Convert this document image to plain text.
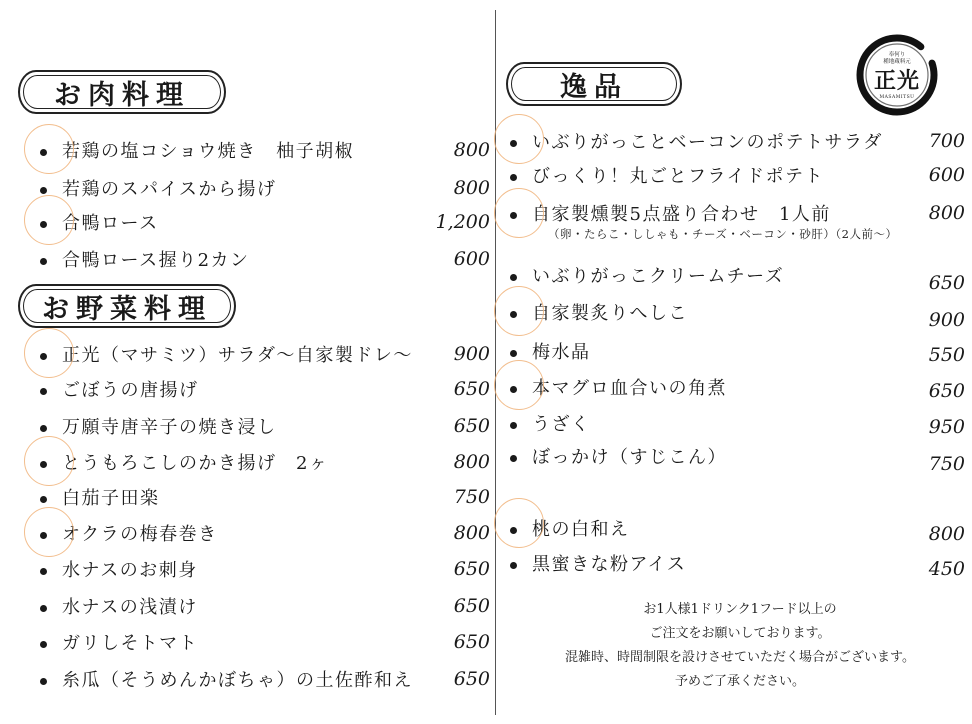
お肉料理
若鶏の塩コショウ焼き　柚子胡椒	800
若鶏のスパイスから揚げ	800
合鴨ロース	1,200
合鴨ロース握り2カン	600
お野菜料理
正光（マサミツ）サラダ～自家製ドレ～ 900
ごぼうの唐揚げ	650
万願寺唐辛子の焼き浸し	650
とうもろこしのかき揚げ　2ヶ	800
白茄子田楽	750
オクラの梅春巻き	800
水ナスのお刺身	650
水ナスの浅漬け	650
ガリしそトマト	650
糸瓜（そうめんかぼちゃ）の土佐酢和え 650
逸品
奉何り
種地蔵料元
正光
MASAMITSU
いぶりがっことベーコンのポテトサラダ 700
びっくり！丸ごとフライドポテト	600
自家製燻製5点盛り合わせ　1人前	800
（卵・たらこ・ししゃも・チーズ・ベーコン・砂肝）（2人前～）
いぶりがっこクリームチーズ	650
自家製炙りへしこ	900
梅水晶	550
本マグロ血合いの角煮	650
うざく	950
ぼっかけ（すじこん）	750
桃の白和え	800
黒蜜きな粉アイス	450
お1人様1ドリンク1フード以上の
ご注文をお願いしております。
混雑時、時間制限を設けさせていただく場合がございます。
予めご了承ください。
